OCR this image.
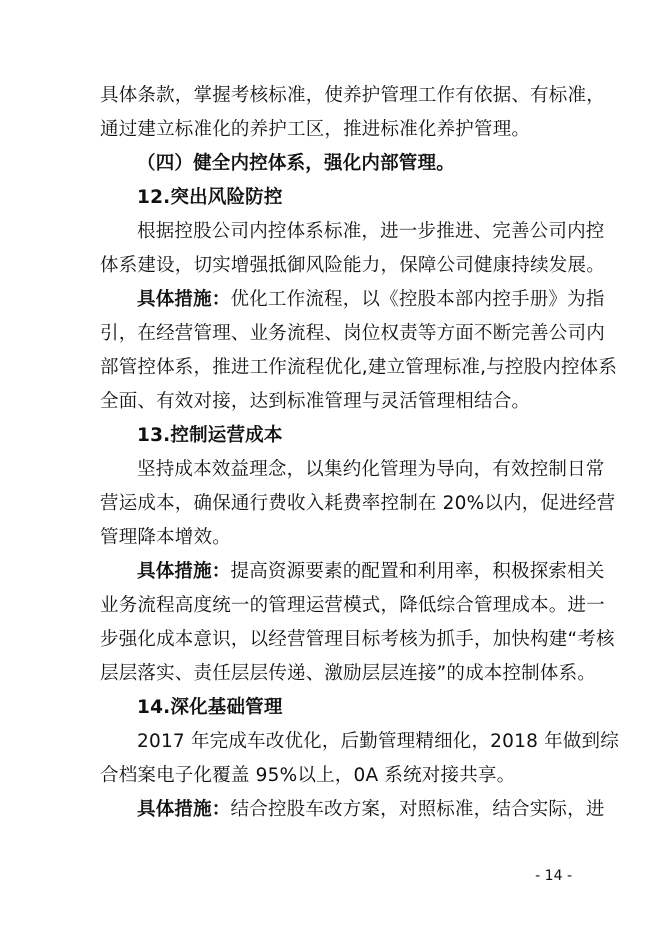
具体条款，掌握考核标准，使养护管理工作有依据、有标准，
通过建立标准化的养护工区，推进标准化养护管理。
（四）健全内控体系，强化内部管理。
12.突出风险防控
根据控股公司内控体系标准，进一步推进、完善公司内控
体系建设，切实增强抵御风险能力，保障公司健康持续发展。
具体措施：优化工作流程，以《控股本部内控手册》为指
引，在经营管理、业务流程、岗位权责等方面不断完善公司内
部管控体系，推进工作流程优化,建立管理标准,与控股内控体系
全面、有效对接，达到标准管理与灵活管理相结合。
13.控制运营成本
坚持成本效益理念，以集约化管理为导向，有效控制日常
营运成本，确保通行费收入耗费率控制在 20%以内，促进经营
管理降本增效。
具体措施：提高资源要素的配置和利用率，积极探索相关
业务流程高度统一的管理运营模式，降低综合管理成本。进一
步强化成本意识，以经营管理目标考核为抓手，加快构建“考核
层层落实、责任层层传递、激励层层连接”的成本控制体系。
14.深化基础管理
2017 年完成车改优化，后勤管理精细化，2018 年做到综
合档案电子化覆盖 95%以上，0A 系统对接共享。
具体措施：结合控股车改方案，对照标准，结合实际，进
- 14 -
